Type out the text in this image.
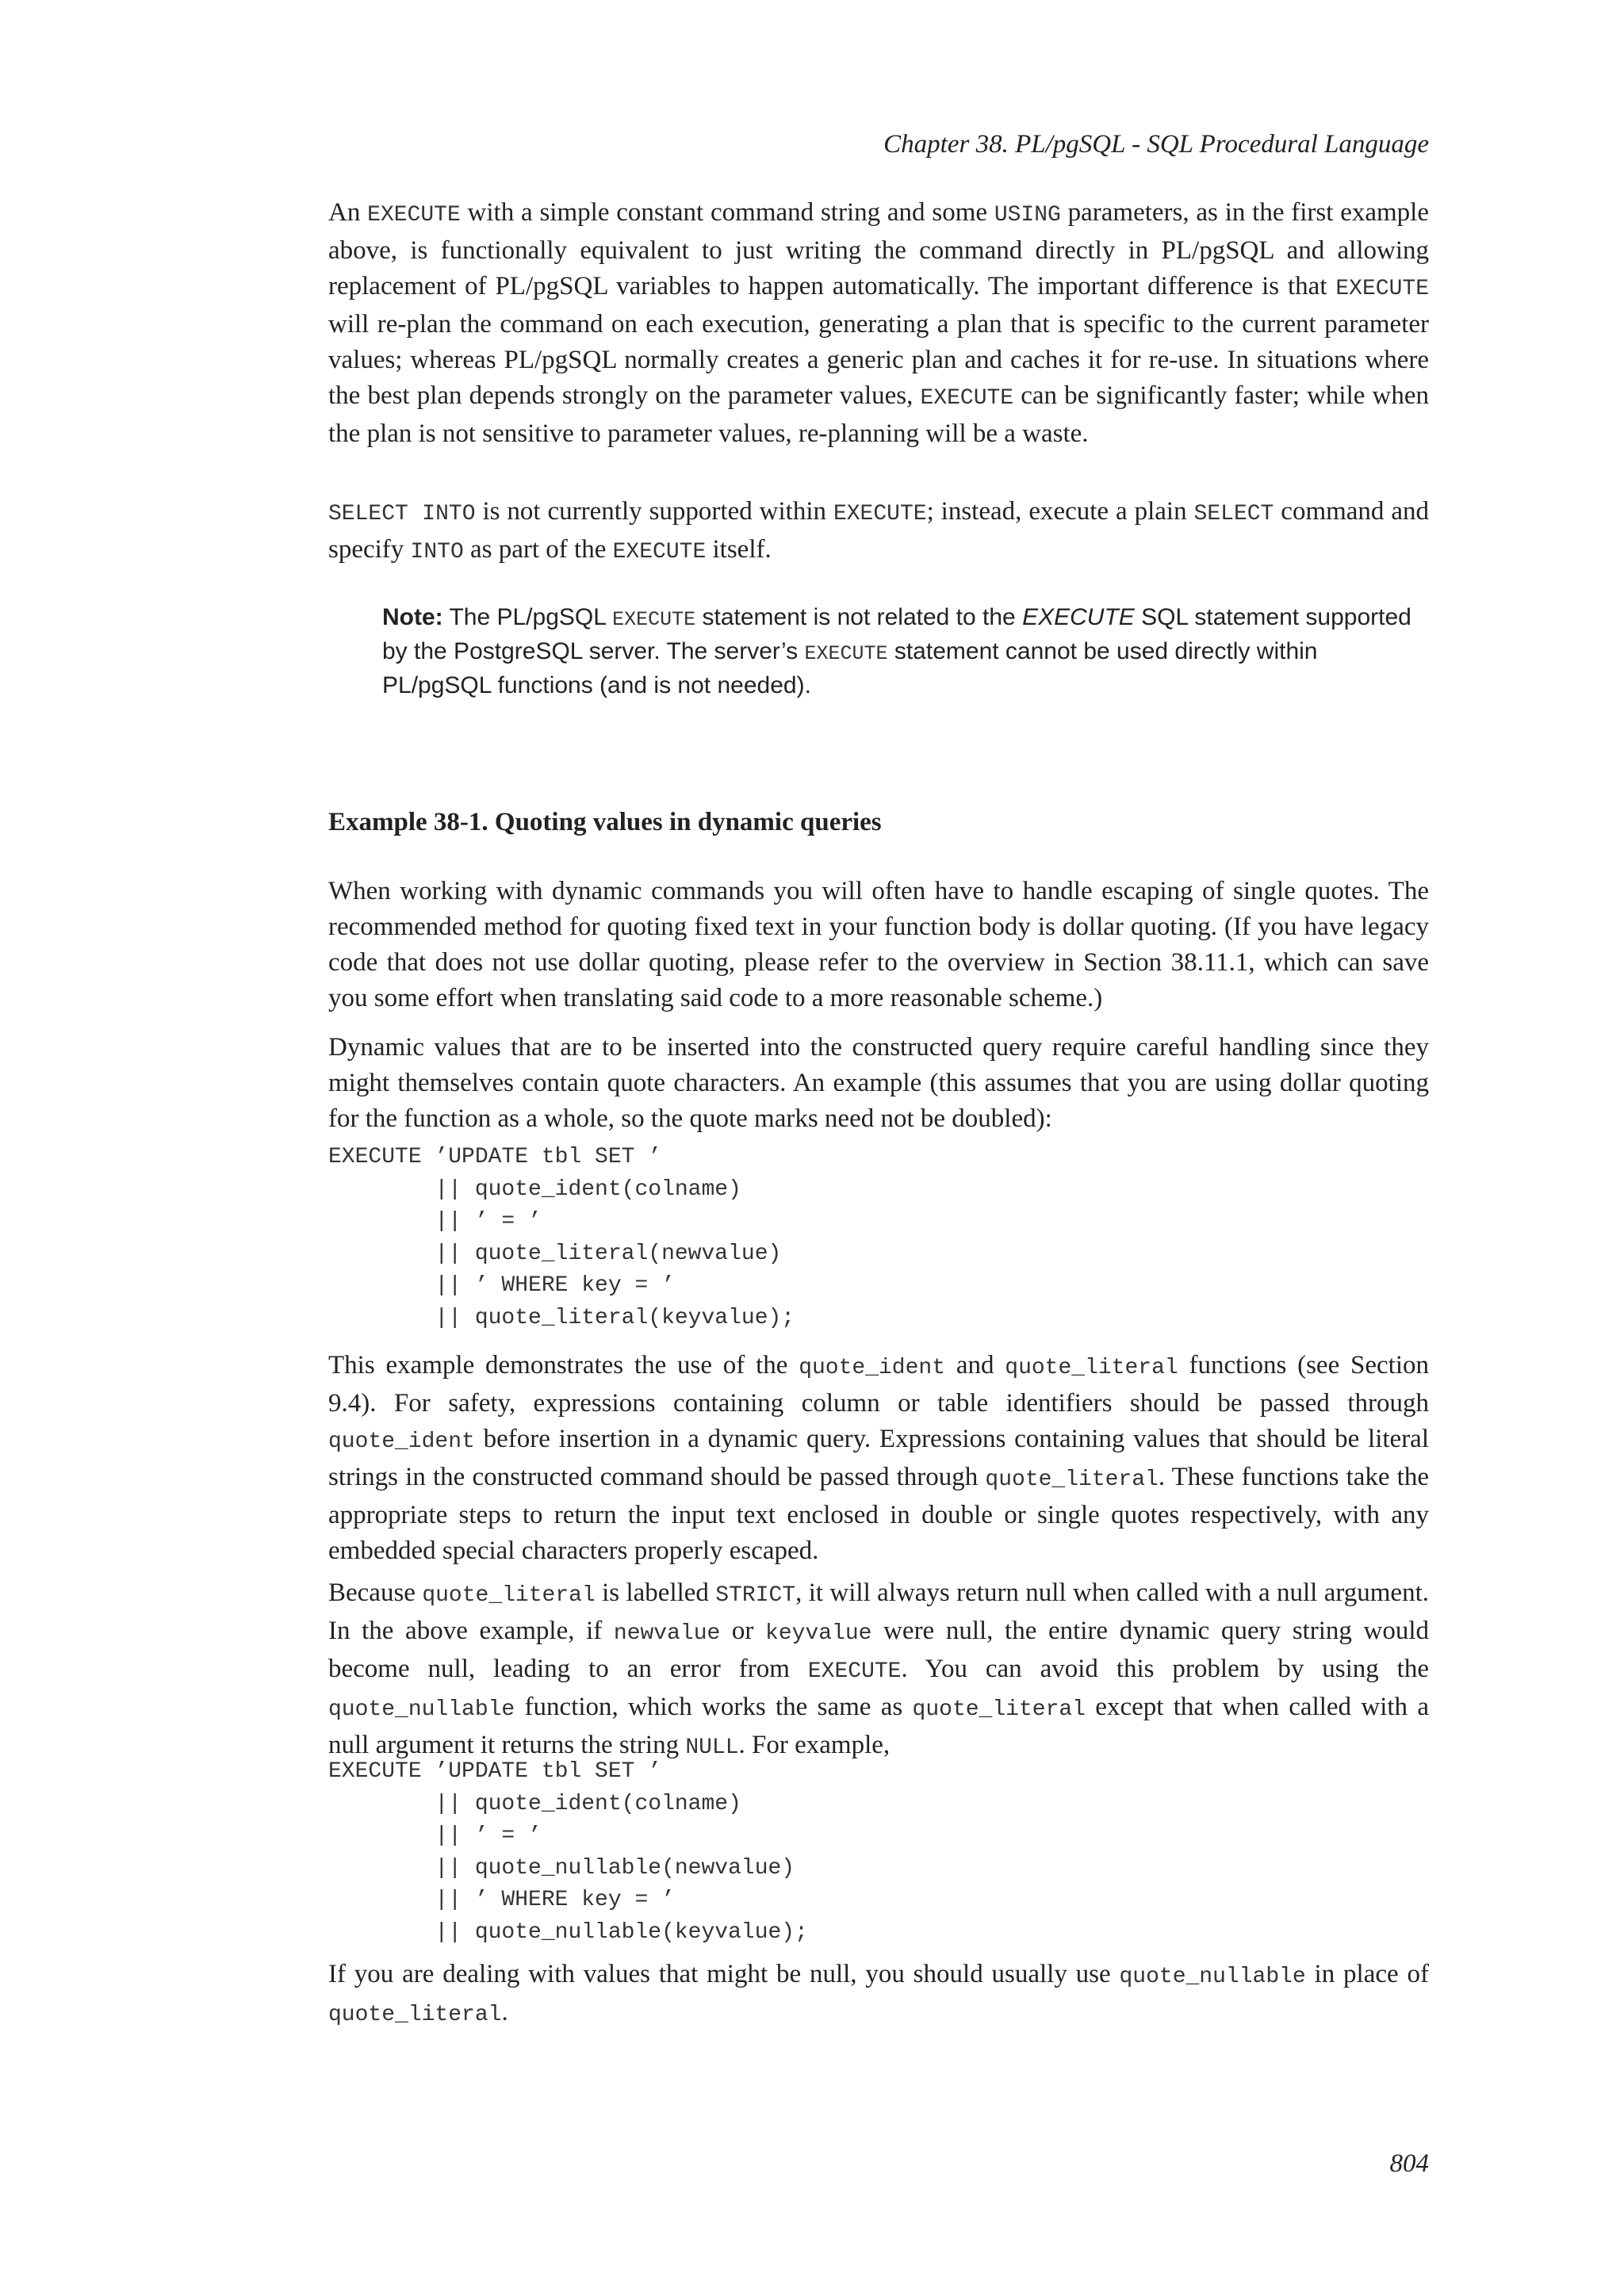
Chapter 38. PL/pgSQL - SQL Procedural Language

An EXECUTE with a simple constant command string and some USING parameters, as in the first example above, is functionally equivalent to just writing the command directly in PL/pgSQL and allowing replacement of PL/pgSQL variables to happen automatically. The important difference is that EXECUTE will re-plan the command on each execution, generating a plan that is specific to the current parameter values; whereas PL/pgSQL normally creates a generic plan and caches it for re-use. In situations where the best plan depends strongly on the parameter values, EXECUTE can be significantly faster; while when the plan is not sensitive to parameter values, re-planning will be a waste.

SELECT INTO is not currently supported within EXECUTE; instead, execute a plain SELECT command and specify INTO as part of the EXECUTE itself.

Note: The PL/pgSQL EXECUTE statement is not related to the EXECUTE SQL statement supported by the PostgreSQL server. The server’s EXECUTE statement cannot be used directly within PL/pgSQL functions (and is not needed).

Example 38-1. Quoting values in dynamic queries

When working with dynamic commands you will often have to handle escaping of single quotes. The recommended method for quoting fixed text in your function body is dollar quoting. (If you have legacy code that does not use dollar quoting, please refer to the overview in Section 38.11.1, which can save you some effort when translating said code to a more reasonable scheme.)

Dynamic values that are to be inserted into the constructed query require careful handling since they might themselves contain quote characters. An example (this assumes that you are using dollar quoting for the function as a whole, so the quote marks need not be doubled):

EXECUTE ’UPDATE tbl SET ’
|| quote_ident(colname)
|| ’ = ’
|| quote_literal(newvalue)
|| ’ WHERE key = ’
|| quote_literal(keyvalue);

This example demonstrates the use of the quote_ident and quote_literal functions (see Section 9.4). For safety, expressions containing column or table identifiers should be passed through quote_ident before insertion in a dynamic query. Expressions containing values that should be literal strings in the constructed command should be passed through quote_literal. These functions take the appropriate steps to return the input text enclosed in double or single quotes respectively, with any embedded special characters properly escaped.

Because quote_literal is labelled STRICT, it will always return null when called with a null argument. In the above example, if newvalue or keyvalue were null, the entire dynamic query string would become null, leading to an error from EXECUTE. You can avoid this problem by using the quote_nullable function, which works the same as quote_literal except that when called with a null argument it returns the string NULL. For example,

EXECUTE ’UPDATE tbl SET ’
|| quote_ident(colname)
|| ’ = ’
|| quote_nullable(newvalue)
|| ’ WHERE key = ’
|| quote_nullable(keyvalue);

If you are dealing with values that might be null, you should usually use quote_nullable in place of quote_literal.

804
